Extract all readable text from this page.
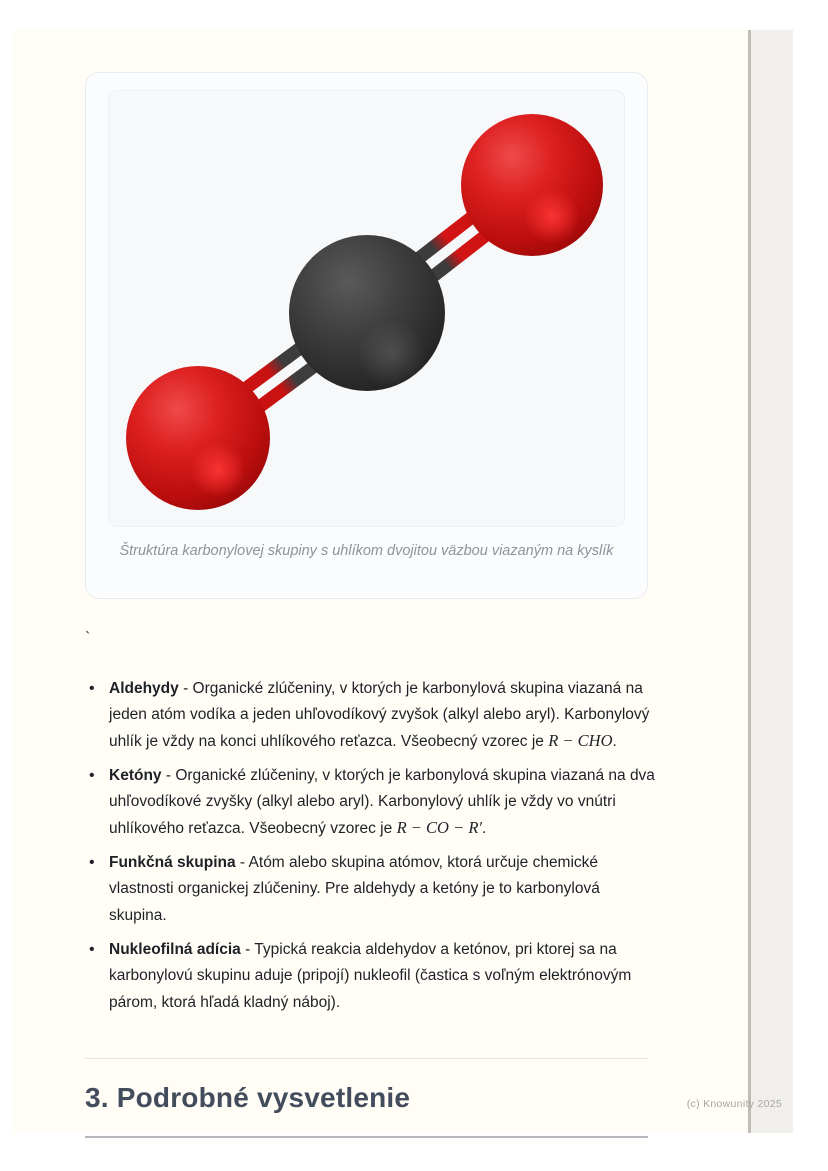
Štruktúra karbonylovej skupiny s uhlíkom dvojitou väzbou viazaným na kyslík
`
• Aldehydy - Organické zlúčeniny, v ktorých je karbonylová skupina viazaná na jeden atóm vodíka a jeden uhľovodíkový zvyšok (alkyl alebo aryl). Karbonylový uhlík je vždy na konci uhlíkového reťazca. Všeobecný vzorec je R − CHO.
• Ketóny - Organické zlúčeniny, v ktorých je karbonylová skupina viazaná na dva uhľovodíkové zvyšky (alkyl alebo aryl). Karbonylový uhlík je vždy vo vnútri uhlíkového reťazca. Všeobecný vzorec je R − CO − R′.
• Funkčná skupina - Atóm alebo skupina atómov, ktorá určuje chemické vlastnosti organickej zlúčeniny. Pre aldehydy a ketóny je to karbonylová skupina.
• Nukleofilná adícia - Typická reakcia aldehydov a ketónov, pri ktorej sa na karbonylovú skupinu aduje (pripojí) nukleofil (častica s voľným elektrónovým párom, ktorá hľadá kladný náboj).
3. Podrobné vysvetlenie	(c) Knowunity 2025
